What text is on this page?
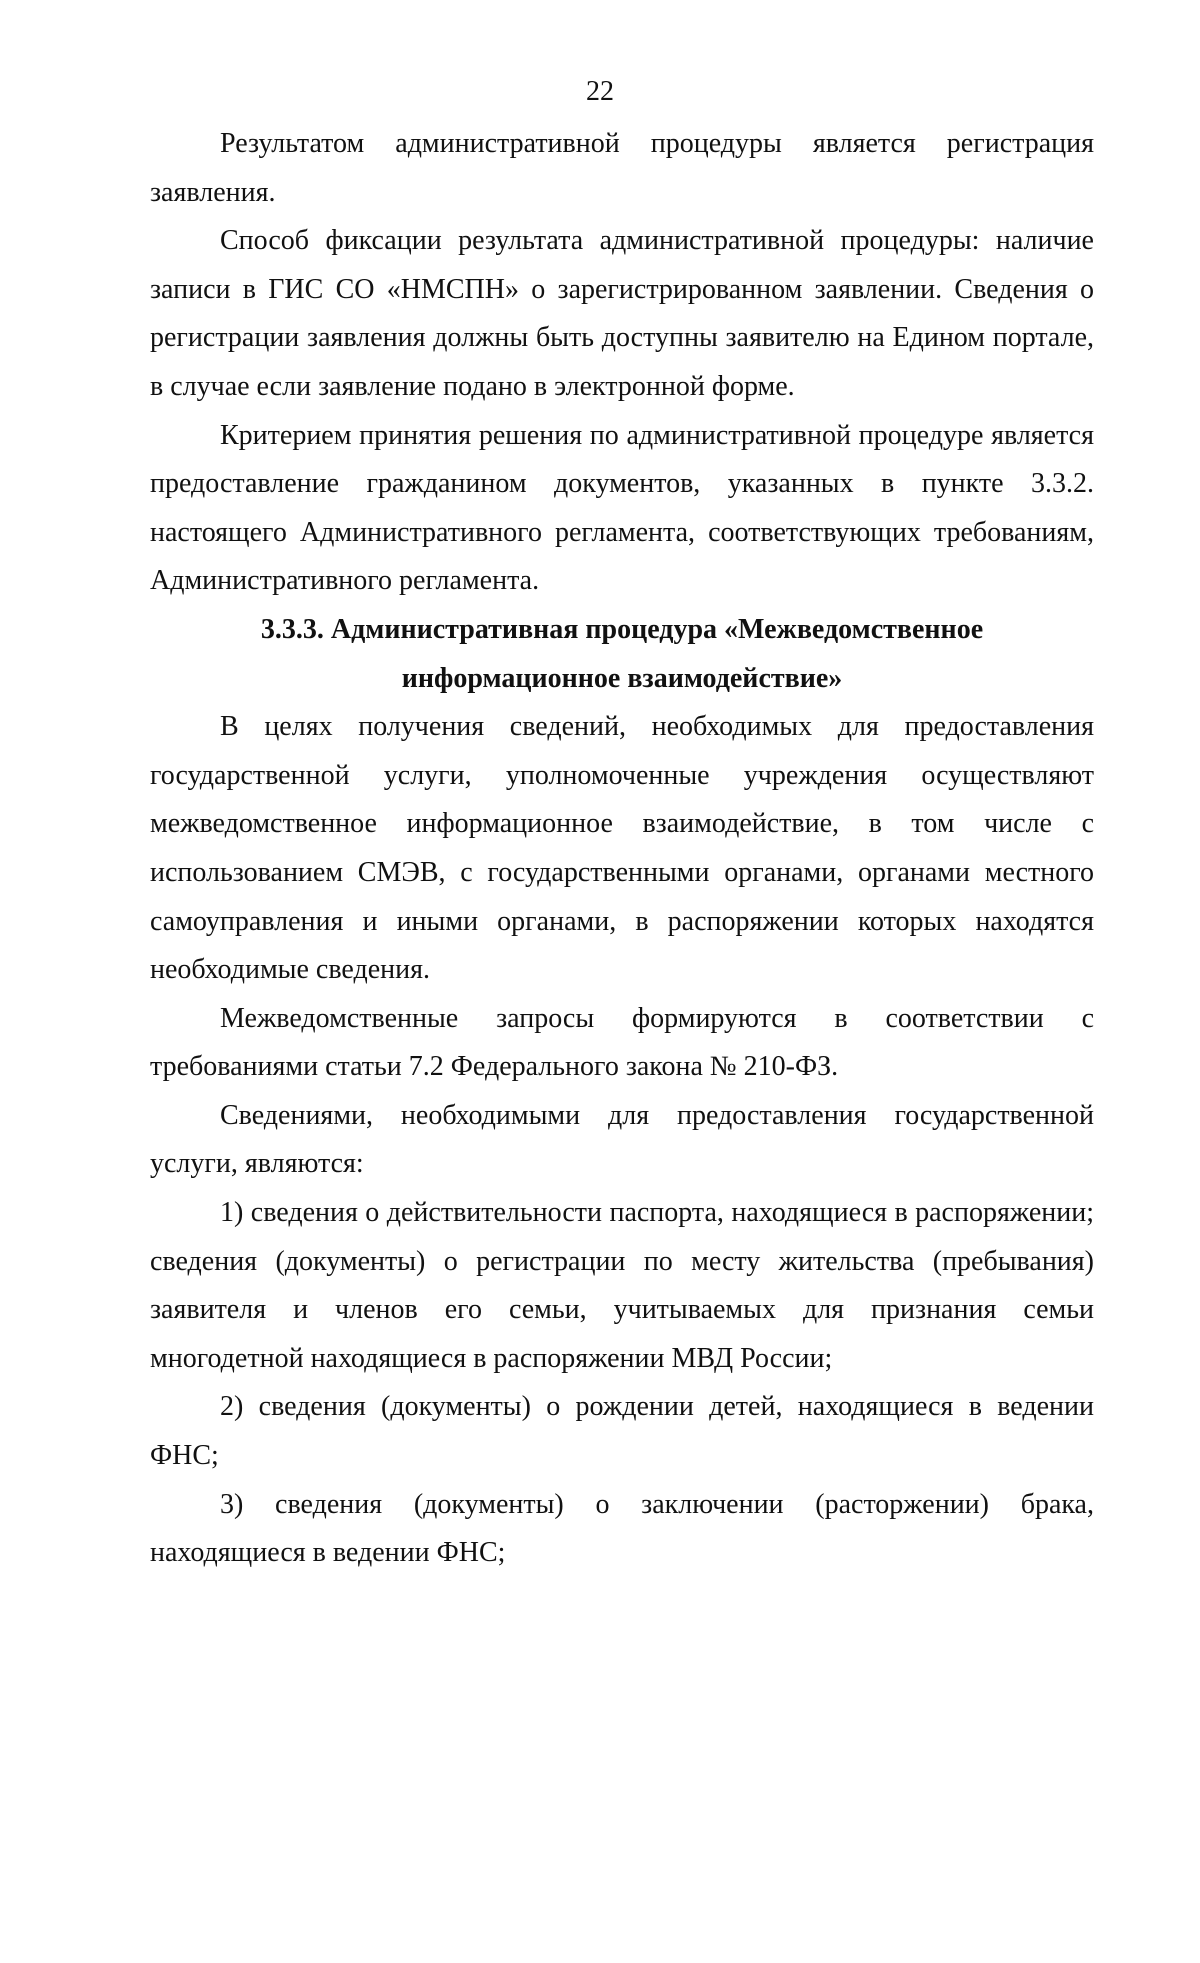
22

Результатом административной процедуры является регистрация заявления.

Способ фиксации результата административной процедуры: наличие записи в ГИС СО «НМСПН» о зарегистрированном заявлении. Сведения о регистрации заявления должны быть доступны заявителю на Едином портале, в случае если заявление подано в электронной форме.

Критерием принятия решения по административной процедуре является предоставление гражданином документов, указанных в пункте 3.3.2. настоящего Административного регламента, соответствующих требованиям, Административного регламента.

3.3.3. Административная процедура «Межведомственное
информационное взаимодействие»

В целях получения сведений, необходимых для предоставления государственной услуги, уполномоченные учреждения осуществляют межведомственное информационное взаимодействие, в том числе с использованием СМЭВ, с государственными органами, органами местного самоуправления и иными органами, в распоряжении которых находятся необходимые сведения.

Межведомственные запросы формируются в соответствии с требованиями статьи 7.2 Федерального закона № 210-ФЗ.

Сведениями, необходимыми для предоставления государственной услуги, являются:

1) сведения о действительности паспорта, находящиеся в распоряжении; сведения (документы) о регистрации по месту жительства (пребывания) заявителя и членов его семьи, учитываемых для признания семьи многодетной находящиеся в распоряжении МВД России;

2) сведения (документы) о рождении детей, находящиеся в ведении ФНС;

3) сведения (документы) о заключении (расторжении) брака, находящиеся в ведении ФНС;
